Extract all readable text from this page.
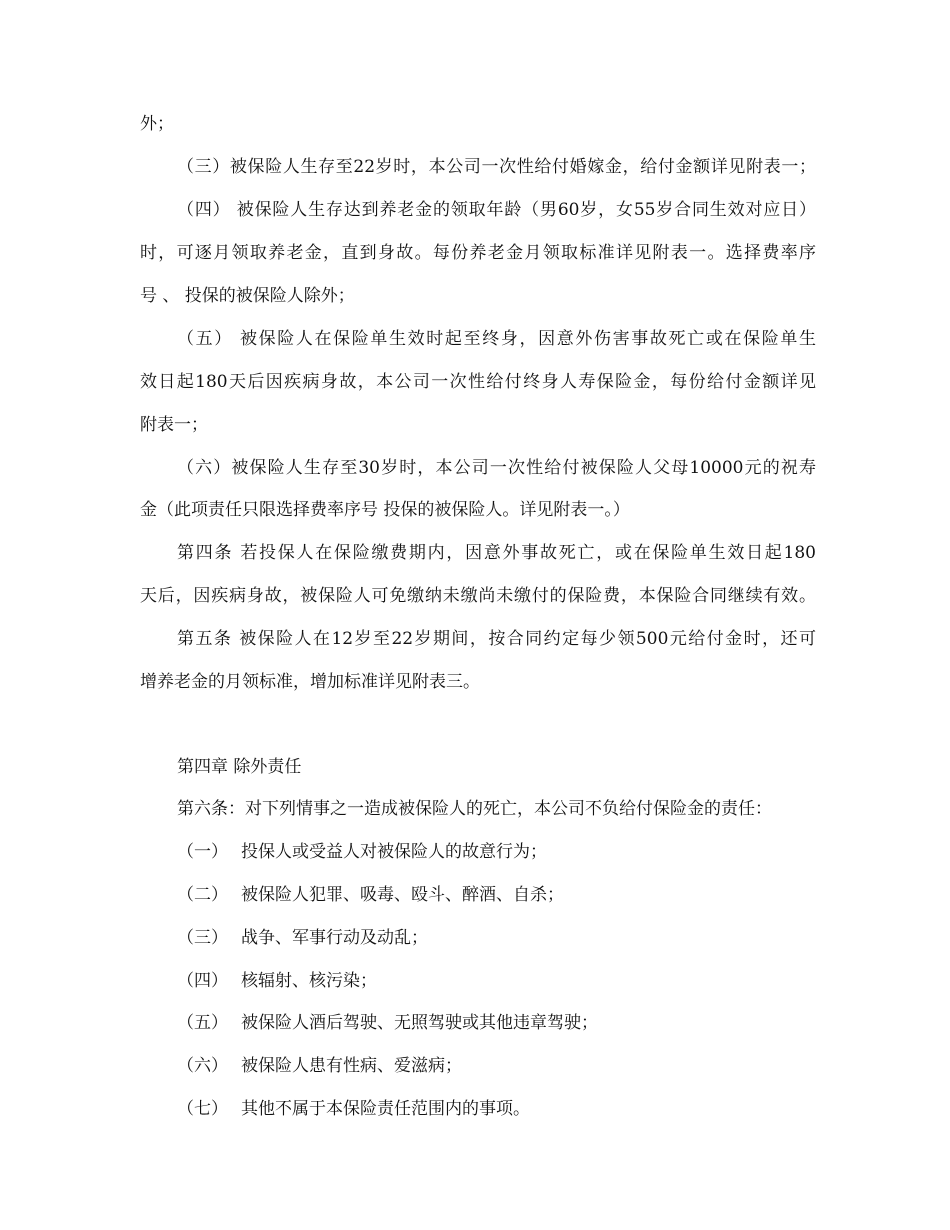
外；
（三）被保险人生存至22岁时，本公司一次性给付婚嫁金，给付金额详见附表一；
（四） 被保险人生存达到养老金的领取年龄（男60岁，女55岁合同生效对应日）
时，可逐月领取养老金，直到身故。每份养老金月领取标准详见附表一。选择费率序
号 、 投保的被保险人除外；
（五） 被保险人在保险单生效时起至终身，因意外伤害事故死亡或在保险单生
效日起180天后因疾病身故，本公司一次性给付终身人寿保险金，每份给付金额详见
附表一；
（六）被保险人生存至30岁时，本公司一次性给付被保险人父母10000元的祝寿
金（此项责任只限选择费率序号 投保的被保险人。详见附表一。）
第四条 若投保人在保险缴费期内，因意外事故死亡，或在保险单生效日起180
天后，因疾病身故，被保险人可免缴纳未缴尚未缴付的保险费，本保险合同继续有效。
第五条 被保险人在12岁至22岁期间，按合同约定每少领500元给付金时，还可
增养老金的月领标准，增加标准详见附表三。
第四章 除外责任
第六条：对下列情事之一造成被保险人的死亡，本公司不负给付保险金的责任：
（一） 投保人或受益人对被保险人的故意行为；
（二） 被保险人犯罪、吸毒、殴斗、醉酒、自杀；
（三） 战争、军事行动及动乱；
（四） 核辐射、核污染；
（五） 被保险人酒后驾驶、无照驾驶或其他违章驾驶；
（六） 被保险人患有性病、爱滋病；
（七） 其他不属于本保险责任范围内的事项。
